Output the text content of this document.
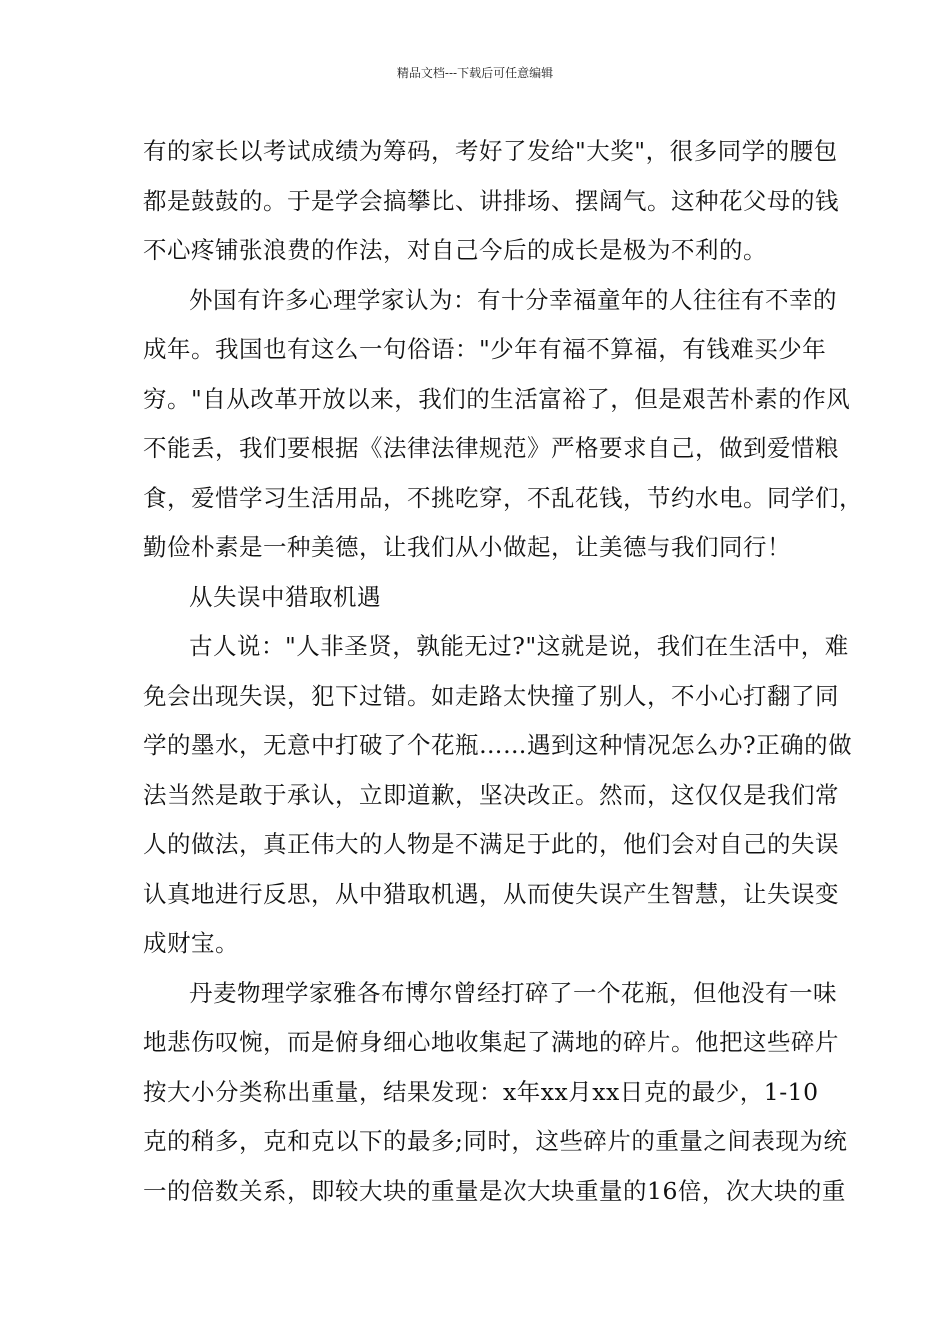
精品文档---下载后可任意编辑
有的家长以考试成绩为筹码，考好了发给"大奖"，很多同学的腰包
都是鼓鼓的。于是学会搞攀比、讲排场、摆阔气。这种花父母的钱
不心疼铺张浪费的作法，对自己今后的成长是极为不利的。
外国有许多心理学家认为：有十分幸福童年的人往往有不幸的
成年。我国也有这么一句俗语："少年有福不算福，有钱难买少年
穷。"自从改革开放以来，我们的生活富裕了，但是艰苦朴素的作风
不能丢，我们要根据《法律法律规范》严格要求自己，做到爱惜粮
食，爱惜学习生活用品，不挑吃穿，不乱花钱，节约水电。同学们，
勤俭朴素是一种美德，让我们从小做起，让美德与我们同行！
从失误中猎取机遇
古人说："人非圣贤，孰能无过?"这就是说，我们在生活中，难
免会出现失误，犯下过错。如走路太快撞了别人，不小心打翻了同
学的墨水，无意中打破了个花瓶……遇到这种情况怎么办?正确的做
法当然是敢于承认，立即道歉，坚决改正。然而，这仅仅是我们常
人的做法，真正伟大的人物是不满足于此的，他们会对自己的失误
认真地进行反思，从中猎取机遇，从而使失误产生智慧，让失误变
成财宝。
丹麦物理学家雅各布博尔曾经打碎了一个花瓶，但他没有一味
地悲伤叹惋，而是俯身细心地收集起了满地的碎片。他把这些碎片
按大小分类称出重量，结果发现：x年xx月xx日克的最少，1-10
克的稍多，克和克以下的最多;同时，这些碎片的重量之间表现为统
一的倍数关系，即较大块的重量是次大块重量的16倍，次大块的重
